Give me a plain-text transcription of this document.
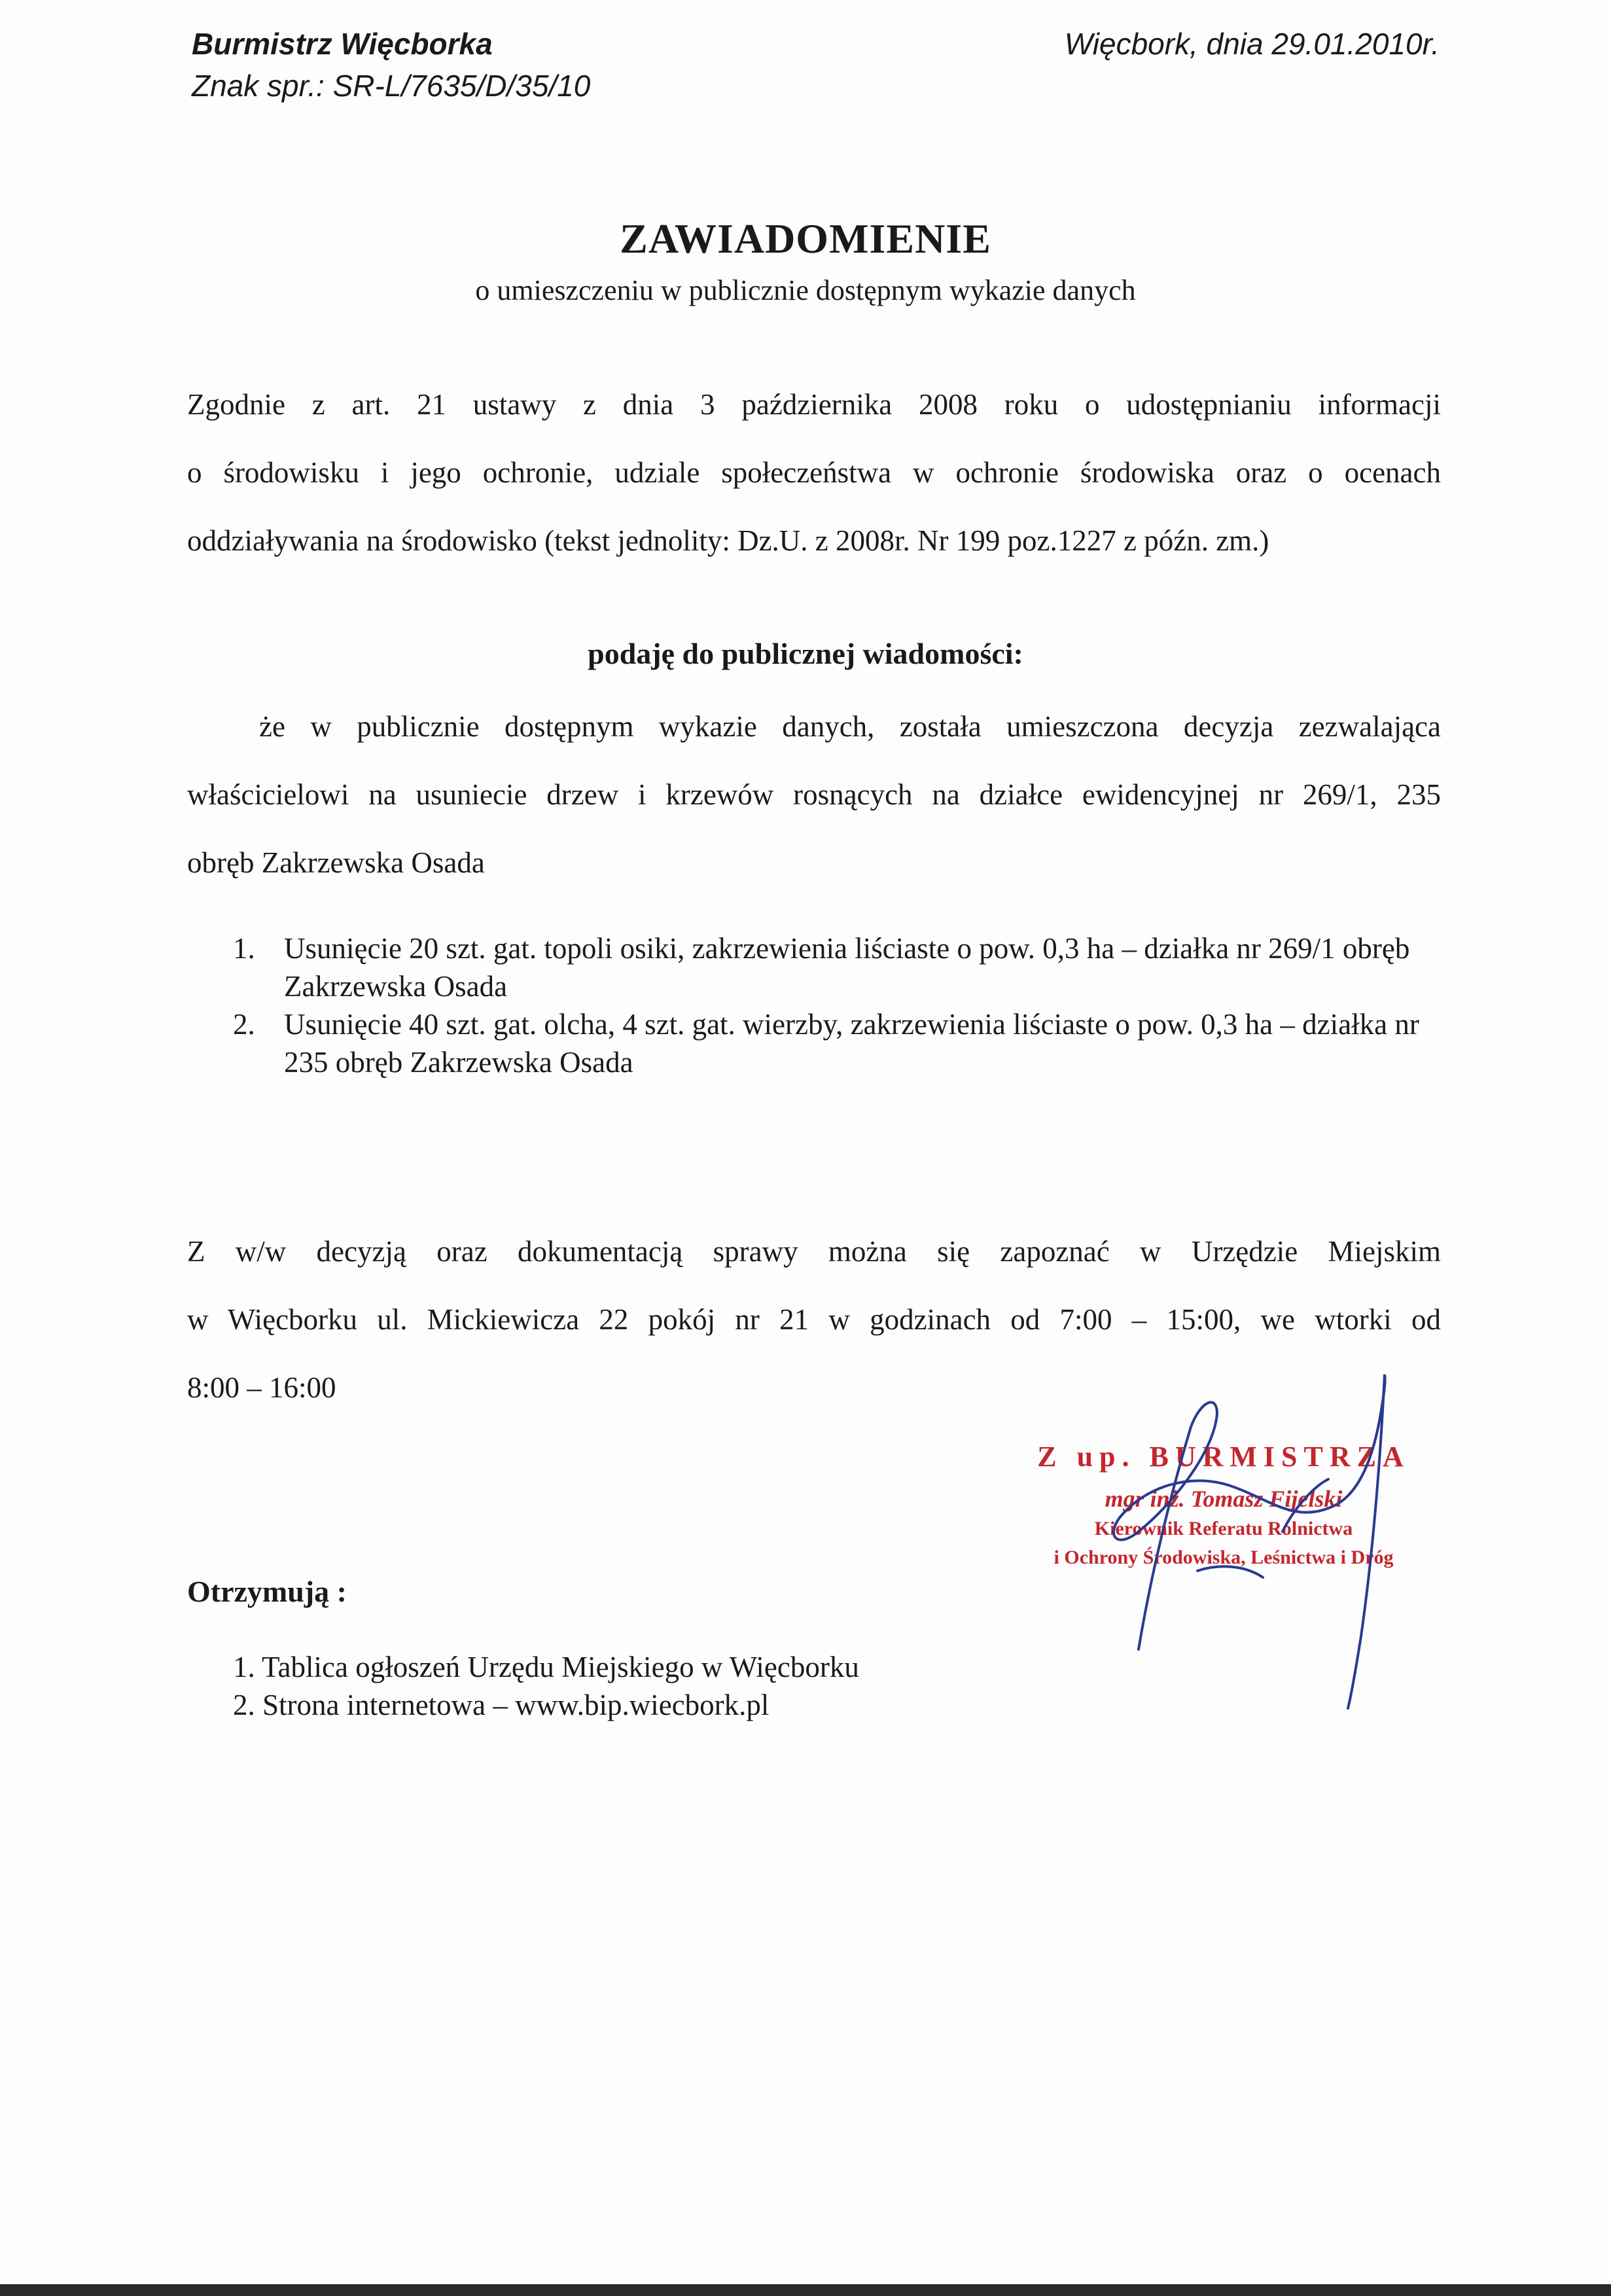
Burmistrz Więcborka

Znak spr.: SR-L/7635/D/35/10

Więcbork, dnia 29.01.2010r.

ZAWIADOMIENIE

o umieszczeniu w publicznie dostępnym wykazie danych

Zgodnie z art. 21 ustawy z dnia 3 października 2008 roku o udostępnianiu informacji
o środowisku i jego ochronie, udziale społeczeństwa w ochronie środowiska oraz o ocenach
oddziaływania na środowisko (tekst jednolity: Dz.U. z 2008r. Nr 199 poz.1227 z późn. zm.)

podaję do publicznej wiadomości:

że w publicznie dostępnym wykazie danych, została umieszczona decyzja zezwalająca
właścicielowi na usuniecie drzew i krzewów rosnących na działce ewidencyjnej nr 269/1, 235
obręb Zakrzewska Osada
1. Usunięcie 20 szt. gat. topoli osiki, zakrzewienia liściaste o pow. 0,3 ha – działka nr 269/1 obręb Zakrzewska Osada
2. Usunięcie 40 szt. gat. olcha, 4 szt. gat. wierzby, zakrzewienia liściaste o pow. 0,3 ha – działka nr 235 obręb Zakrzewska Osada
Z w/w decyzją oraz dokumentacją sprawy można się zapoznać w Urzędzie Miejskim
w Więcborku ul. Mickiewicza 22 pokój nr 21 w godzinach od 7:00 – 15:00, we wtorki od
8:00 – 16:00
Z up. BURMISTRZA
mgr inż. Tomasz Fijelski
Kierownik Referatu Rolnictwa
i Ochrony Środowiska, Leśnictwa i Dróg

Otrzymują :

1. Tablica ogłoszeń Urzędu Miejskiego w Więcborku
2. Strona internetowa – www.bip.wiecbork.pl
